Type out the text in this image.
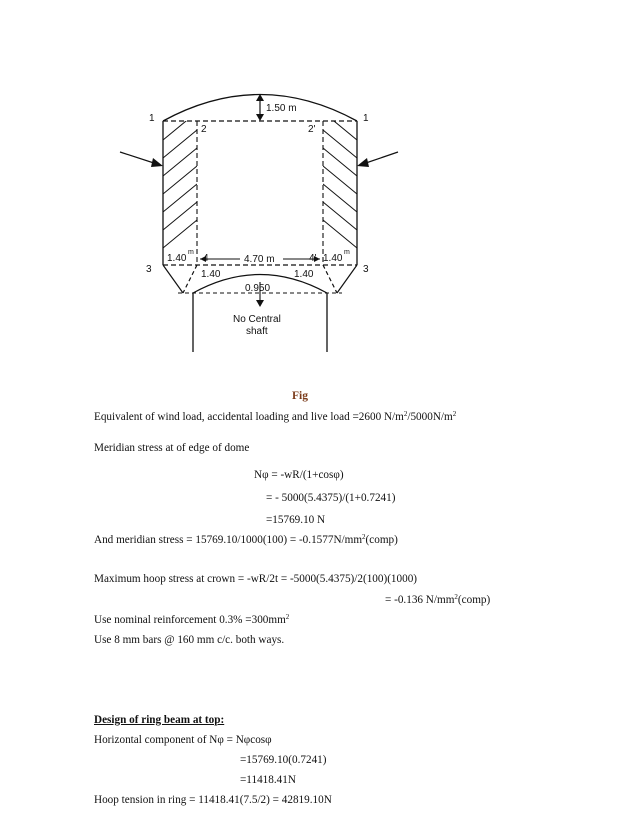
1	1
2	2'
1.50 m
3	3
4	4'
4.70 m
1.40
m
1.40
m
1.40	1.40
0.950
No Central
shaft
Fig
Equivalent of wind load, accidental loading and live load =2600 $N/m^2/5000N/m^2$
Meridian stress at of edge of dome
Nφ = -wR/(1+cosφ)
= - 5000(5.4375)/(1+0.7241)
=15769.10 N
And meridian stress = $15769.10/1000(100) = -0.1577N/mm^2(comp)$
Maximum hoop stress at crown = -wR/2t = -5000(5.4375)/2(100)(1000)
= -0.136 $N/mm^2(comp)$
Use nominal reinforcement $0.3\% =300mm^2$
Use 8 mm bars @ 160 mm c/c. both ways.
Design of ring beam at top:
Horizontal component of Nφ = Nφcosφ
=15769.10(0.7241)
=11418.41N
Hoop tension in ring = 11418.41(7.5/2) = 42819.10N
